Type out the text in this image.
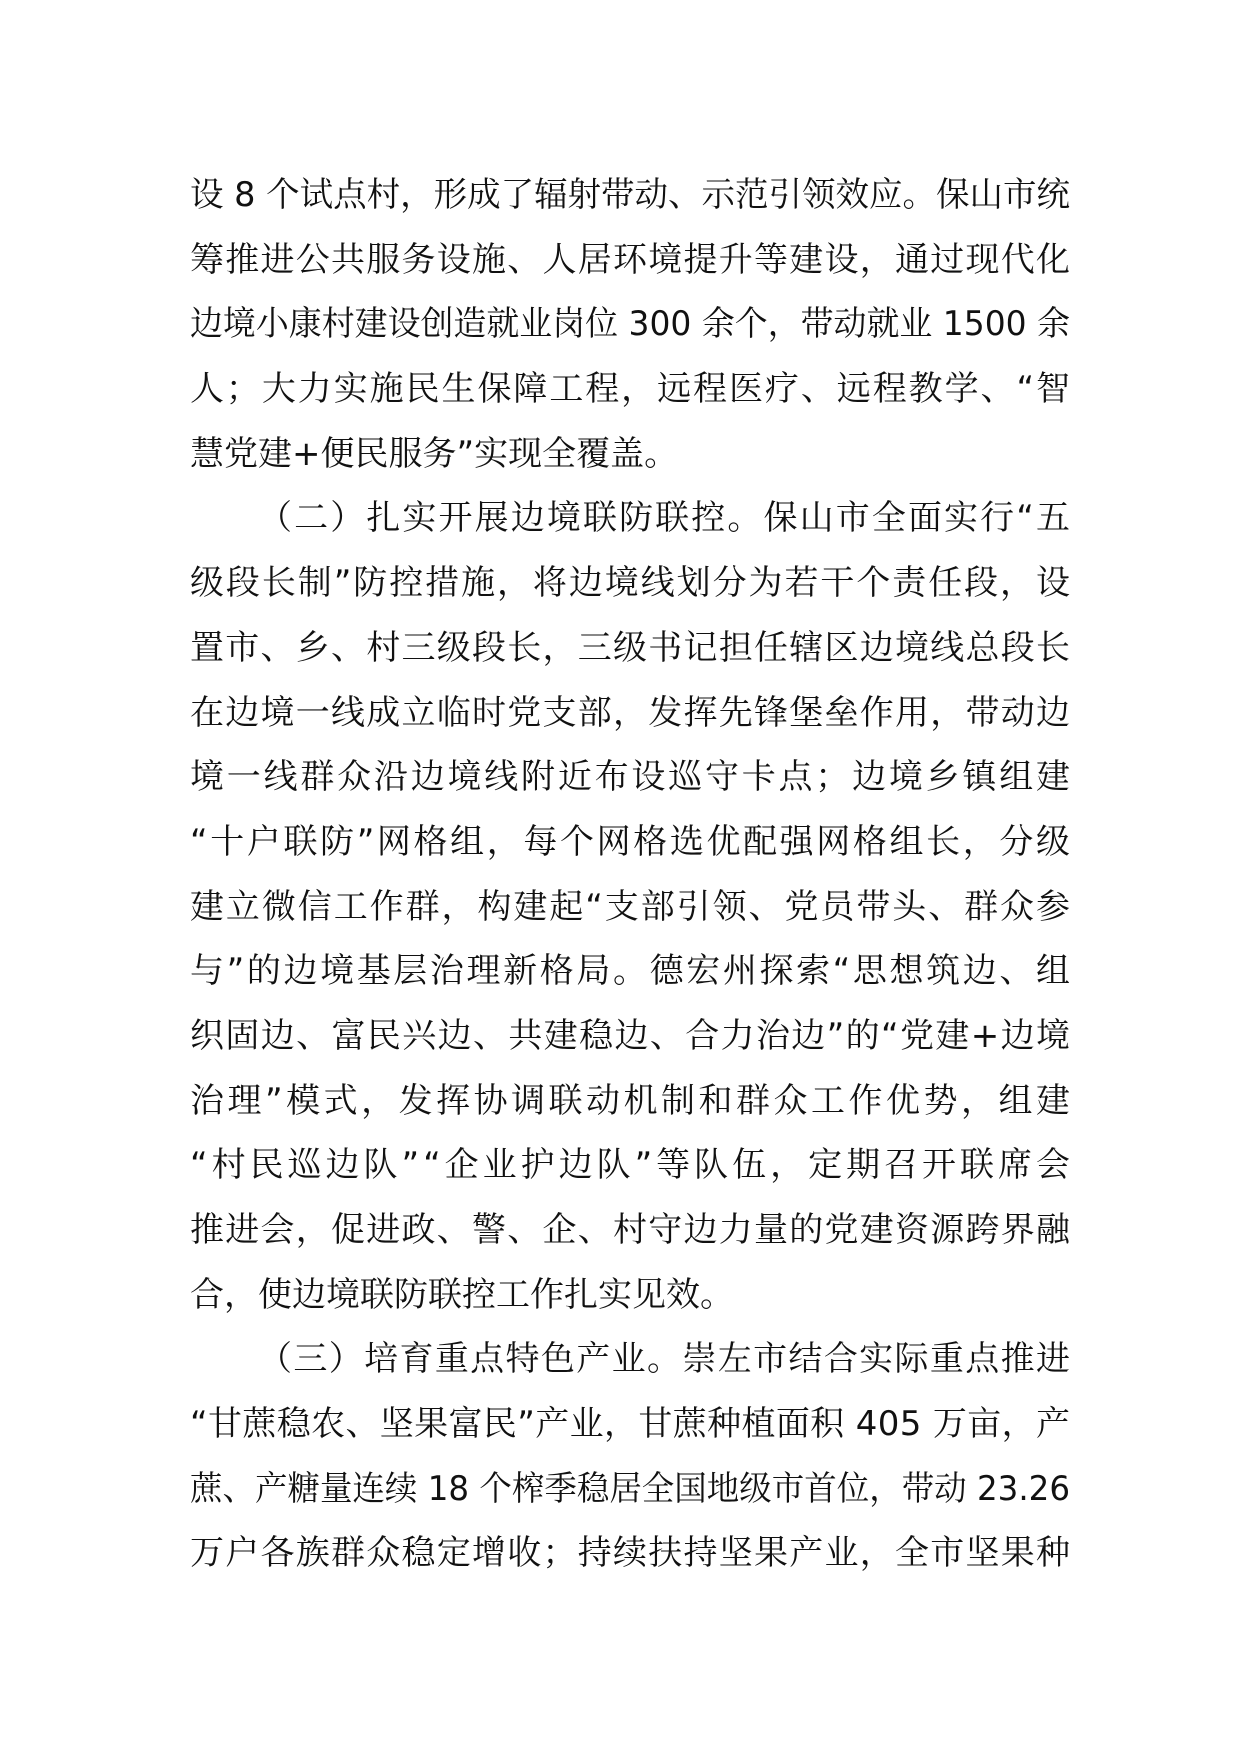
设 8 个试点村，形成了辐射带动、示范引领效应。保山市统
筹推进公共服务设施、人居环境提升等建设，通过现代化
边境小康村建设创造就业岗位 300 余个，带动就业 1500 余
人；大力实施民生保障工程，远程医疗、远程教学、“智
慧党建+便民服务”实现全覆盖。
（二）扎实开展边境联防联控。保山市全面实行“五
级段长制”防控措施，将边境线划分为若干个责任段，设
置市、乡、村三级段长，三级书记担任辖区边境线总段长
在边境一线成立临时党支部，发挥先锋堡垒作用，带动边
境一线群众沿边境线附近布设巡守卡点；边境乡镇组建
“十户联防”网格组，每个网格选优配强网格组长，分级
建立微信工作群，构建起“支部引领、党员带头、群众参
与”的边境基层治理新格局。德宏州探索“思想筑边、组
织固边、富民兴边、共建稳边、合力治边”的“党建+边境
治理”模式，发挥协调联动机制和群众工作优势，组建
“村民巡边队”“企业护边队”等队伍，定期召开联席会
推进会，促进政、警、企、村守边力量的党建资源跨界融
合，使边境联防联控工作扎实见效。
（三）培育重点特色产业。崇左市结合实际重点推进
“甘蔗稳农、坚果富民”产业，甘蔗种植面积 405 万亩，产
蔗、产糖量连续 18 个榨季稳居全国地级市首位，带动 23.26
万户各族群众稳定增收；持续扶持坚果产业，全市坚果种
